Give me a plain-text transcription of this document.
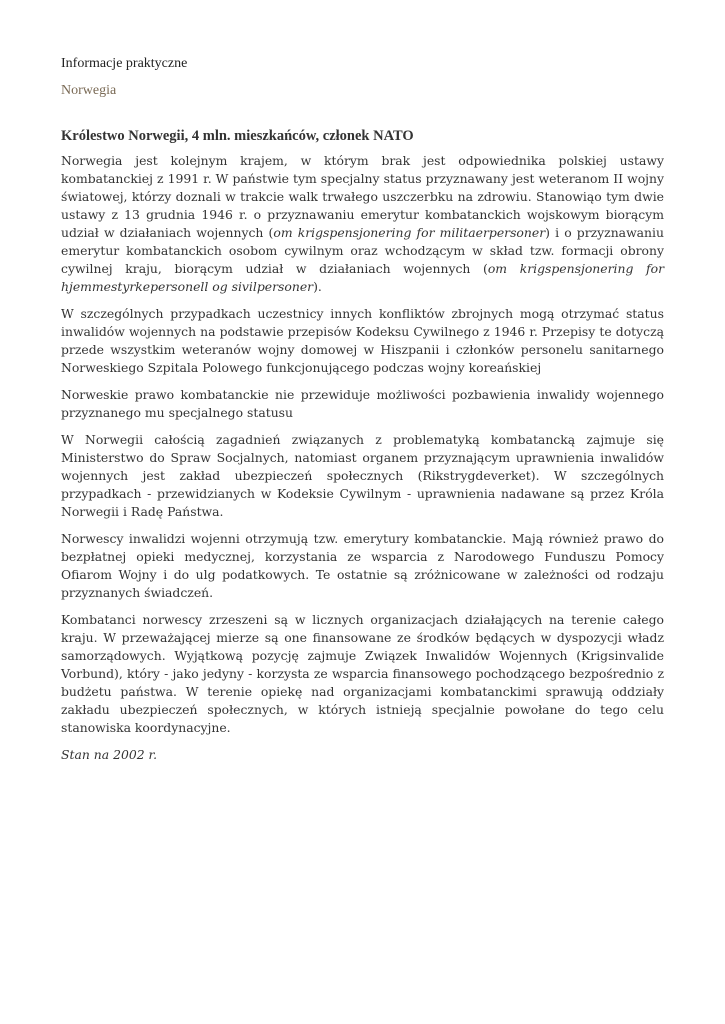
Informacje praktyczne

Norwegia

Królestwo Norwegii, 4 mln. mieszkańców, członek NATO

Norwegia jest kolejnym krajem, w którym brak jest odpowiednika polskiej ustawy kombatanckiej z 1991 r. W państwie tym specjalny status przyznawany jest weteranom II wojny światowej, którzy doznali w trakcie walk trwałego uszczerbku na zdrowiu. Stanowiąo tym dwie ustawy z 13 grudnia 1946 r. o przyznawaniu emerytur kombatanckich wojskowym biorącym udział w działaniach wojennych (om krigspensjonering for militaerpersoner) i o przyznawaniu emerytur kombatanckich osobom cywilnym oraz wchodzącym w skład tzw. formacji obrony cywilnej kraju, biorącym udział w działaniach wojennych (om krigspensjonering for hjemmestyrkepersonell og sivilpersoner).

W szczególnych przypadkach uczestnicy innych konfliktów zbrojnych mogą otrzymać status inwalidów wojennych na podstawie przepisów Kodeksu Cywilnego z 1946 r. Przepisy te dotyczą przede wszystkim weteranów wojny domowej w Hiszpanii i członków personelu sanitarnego Norweskiego Szpitala Polowego funkcjonującego podczas wojny koreańskiej

Norweskie prawo kombatanckie nie przewiduje możliwości pozbawienia inwalidy wojennego przyznanego mu specjalnego statusu

W Norwegii całością zagadnień związanych z problematyką kombatancką zajmuje się Ministerstwo do Spraw Socjalnych, natomiast organem przyznającym uprawnienia inwalidów wojennych jest zakład ubezpieczeń społecznych (Rikstrygdeverket). W szczególnych przypadkach - przewidzianych w Kodeksie Cywilnym - uprawnienia nadawane są przez Króla Norwegii i Radę Państwa.

Norwescy inwalidzi wojenni otrzymują tzw. emerytury kombatanckie. Mają również prawo do bezpłatnej opieki medycznej, korzystania ze wsparcia z Narodowego Funduszu Pomocy Ofiarom Wojny i do ulg podatkowych. Te ostatnie są zróżnicowane w zależności od rodzaju przyznanych świadczeń.

Kombatanci norwescy zrzeszeni są w licznych organizacjach działających na terenie całego kraju. W przeważającej mierze są one finansowane ze środków będących w dyspozycji władz samorządowych. Wyjątkową pozycję zajmuje Związek Inwalidów Wojennych (Krigsinvalide Vorbund), który - jako jedyny - korzysta ze wsparcia finansowego pochodzącego bezpośrednio z budżetu państwa. W terenie opiekę nad organizacjami kombatanckimi sprawują oddziały zakładu ubezpieczeń społecznych, w których istnieją specjalnie powołane do tego celu stanowiska koordynacyjne.

Stan na 2002 r.
